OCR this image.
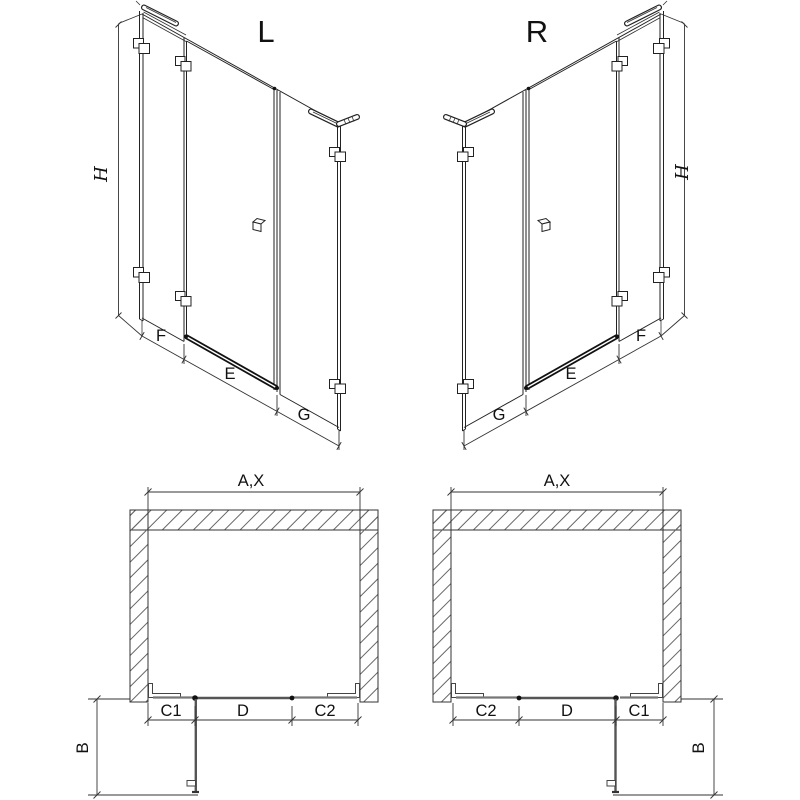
L
H
F
E
G
R
H
G
E
F
A,X
C1	D	C2
B
A,X
C2	D	C1
B
